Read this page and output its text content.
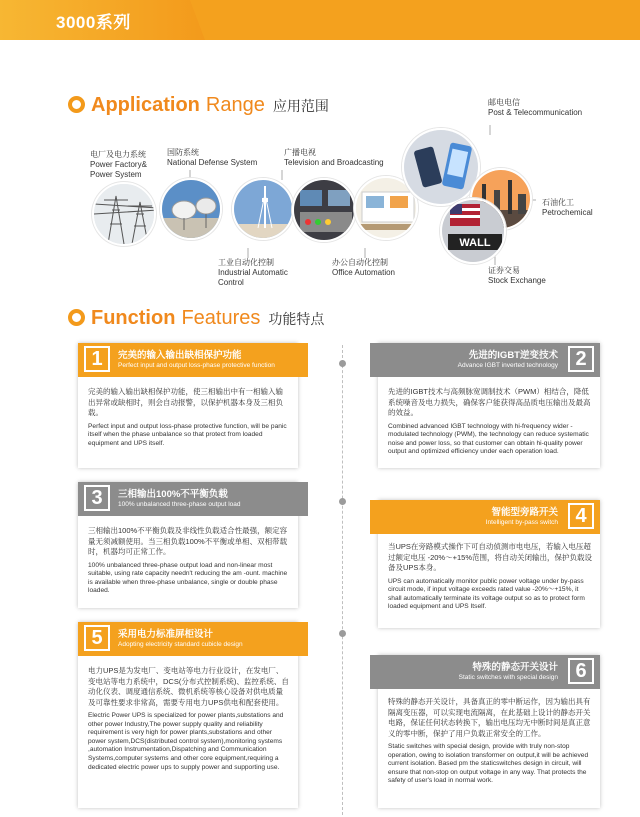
3000系列
Application Range 应用范围
电厂及电力系统
Power Factory& Power System
国防系统
National Defense System
广播电视
Television and Broadcasting
工业自动化控制
Industrial Automatic Control
办公自动化控制
Office Automation
邮电电信
Post & Telecommunication
石油化工
Petrochemical
WALL
证券交易
Stock Exchange
Function Features 功能特点
1	完美的输入输出缺相保护功能
Perfect input and output loss-phase protective function
完美的输入输出缺相保护功能，使三相输出中有一相输入输出异常或缺相时，则会自动报警，以保护机器本身及三相负载。
Perfect input and output loss-phase protective function, will be panic itself when the phase unbalance so that protect from loaded equipment and UPS itself.
先进的IGBT逆变技术
Advance IGBT inverted technology 2
先进的IGBT技术与高频脉宽调制技术（PWM）相结合，降低系统噪音及电力损失，确保客户能获得高品质电压输出及最高的效益。
Combined advanced IGBT technology with hi-frequency wider -modulated technology (PWM), the technology can reduce systematic noise and power loss, so that customer can obtain hi-quality power output and optimized efficiency under each operation load.
3	三相输出100%不平衡负载
100% unbalanced three-phase output load
三相输出100%不平衡负载及非线性负载适合性最强，额定容量无须减额使用。当三相负载100%不平衡或单相、双相带载时，机器均可正常工作。
100% unbalanced three-phase output load and non-linear most suitable, using rate capacity needn't reducing the am -ount. machine is available when three-phase unbalance, single or double phase loaded.
智能型旁路开关
Intelligent by-pass switch 4
当UPS在旁路模式操作下可自动侦测市电电压，若输入电压超过额定电压 -20%～+15%范围，将自动关闭输出，保护负载设备及UPS本身。
UPS can automatically monitor public power voltage under by-pass circuit mode, if input voltage exceeds rated value -20%～+15%, it shall automatically terminate its voltage output so as to protect form loaded equipment and UPS Itself.
5	采用电力标准屏柜设计
Adopting electricity standard cubicle design
电力UPS是为发电厂、变电站等电力行业设计，在发电厂、变电站等电力系统中，DCS(分布式控制系统)、监控系统、自动化仪表、调度通信系统、微机系统等核心设备对供电质量及可靠性要求非常高，需要专用电力UPS供电和配套使用。
Electric Power UPS is specialized for power plants,substations and other power Industry,The power supply quality and reliability requirement is very high for power plants,substations and other power system,DCS(distributed control system),monitoring systems ,automation Instrumentation,Dispatching and Communication Systems,computer systems and other core equipment,requiring a dedicated electric power ups to supply power and supporting use.
特殊的静态开关设计
Static switches with special design 6
特殊的静态开关设计，具备真正的零中断运作，因为输出具有隔离变压器，可以实现电流隔离，在此基础上设计的静态开关电路，保证任何状态转换下，输出电压均无中断时间是真正意义的零中断，保护了用户负载正常安全的工作。
Static switches with special design, provide with truly non-stop operation, owing to isolation transformer on output,it will be achieved current isolation. Based pm the staticswitches design in circuit, will ensure that non-stop on output voltage in any way. That protects the safety of user's load in normal work.
